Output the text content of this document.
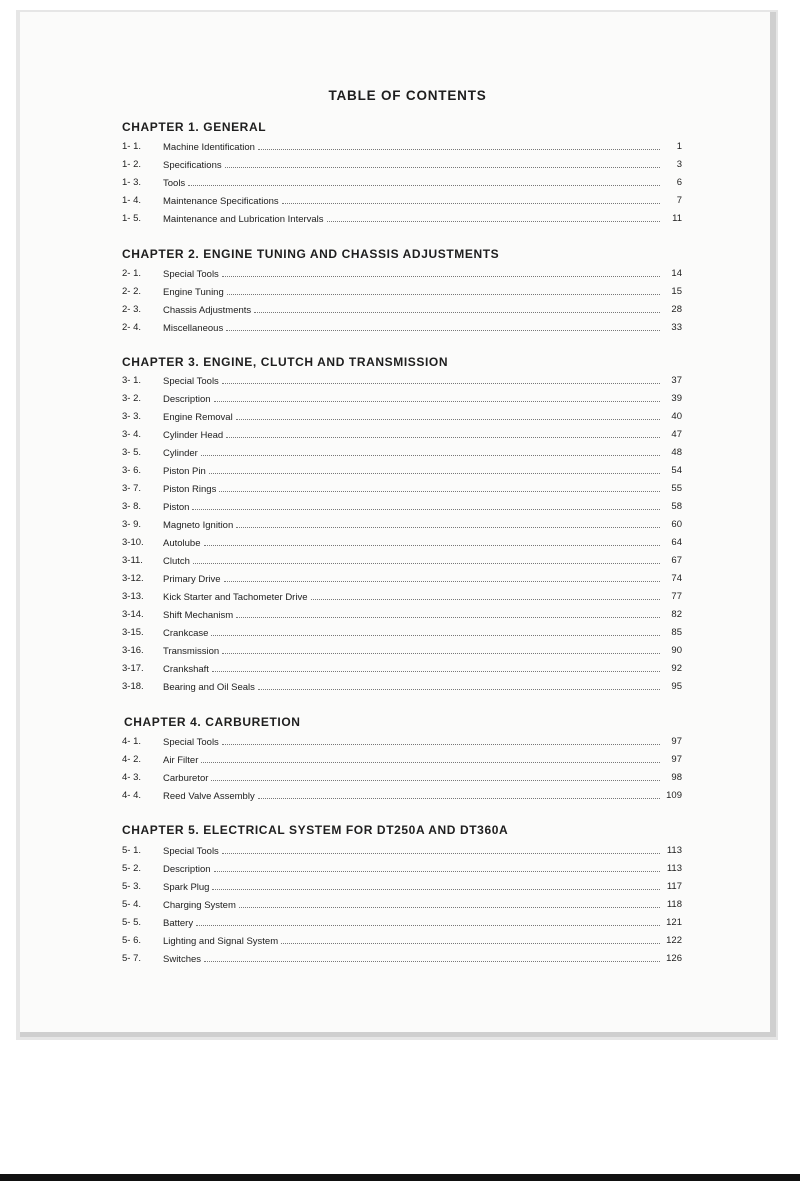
TABLE OF CONTENTS
CHAPTER 1. GENERAL
1- 1. Machine Identification	1
1- 2. Specifications	3
1- 3. Tools	6
1- 4. Maintenance Specifications	7
1- 5. Maintenance and Lubrication Intervals	11
CHAPTER 2. ENGINE TUNING AND CHASSIS ADJUSTMENTS
2- 1. Special Tools	14
2- 2. Engine Tuning	15
2- 3. Chassis Adjustments	28
2- 4. Miscellaneous	33
CHAPTER 3. ENGINE, CLUTCH AND TRANSMISSION
3- 1. Special Tools	37
3- 2. Description	39
3- 3. Engine Removal	40
3- 4. Cylinder Head	47
3- 5. Cylinder	48
3- 6. Piston Pin	54
3- 7. Piston Rings	55
3- 8. Piston	58
3- 9. Magneto Ignition	60
3-10. Autolube	64
3-11. Clutch	67
3-12. Primary Drive	74
3-13. Kick Starter and Tachometer Drive	77
3-14. Shift Mechanism	82
3-15. Crankcase	85
3-16. Transmission	90
3-17. Crankshaft	92
3-18. Bearing and Oil Seals	95
CHAPTER 4. CARBURETION
4- 1. Special Tools	97
4- 2. Air Filter	97
4- 3. Carburetor	98
4- 4. Reed Valve Assembly	109
CHAPTER 5. ELECTRICAL SYSTEM FOR DT250A AND DT360A
5- 1. Special Tools	113
5- 2. Description	113
5- 3. Spark Plug	117
5- 4. Charging System	118
5- 5. Battery	121
5- 6. Lighting and Signal System	122
5- 7. Switches	126
